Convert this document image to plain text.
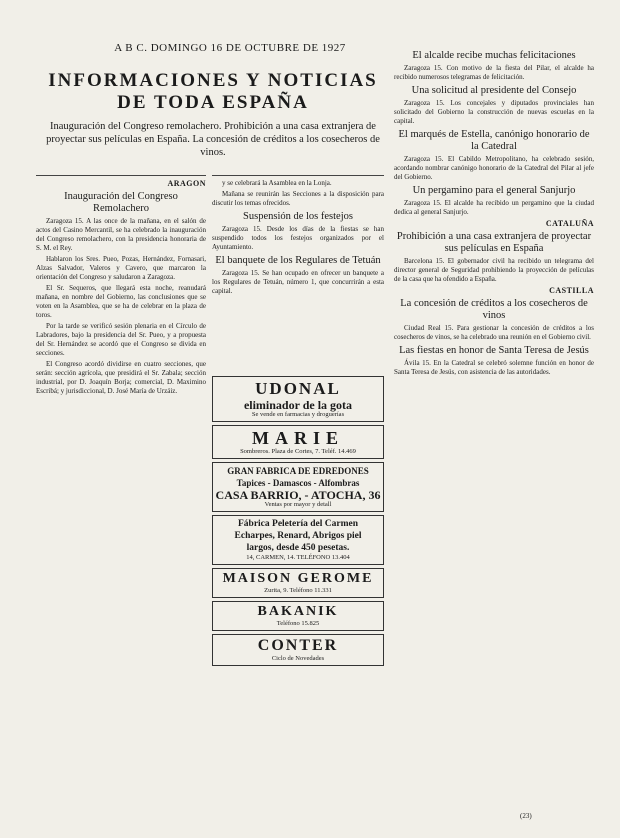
A B C. DOMINGO 16 DE OCTUBRE DE 1927
INFORMACIONES Y NOTICIAS
DE TODA ESPAÑA
Inauguración del Congreso remolachero. Prohibición a una casa extranjera de proyectar sus películas en España. La concesión de créditos a los cosecheros de vinos.
ARAGON
Inauguración del Congreso Remolachero

Zaragoza 15. A las once de la mañana, en el salón de actos del Casino Mercantil, se ha celebrado la inauguración del Congreso remolachero, con la presidencia honoraria de S. M. el Rey.

Hablaron los Sres. Pueo, Pozas, Hernández, Fornasari, Alzas Salvador, Valeros y Cavero, que marcaron la orientación del Congreso y saludaron a Zaragoza.

El Sr. Sequeros, que llegará esta noche, reanudará mañana, en nombre del Gobierno, las conclusiones que se voten en la Asamblea, que se ha de celebrar en la plaza de toros.

Por la tarde se verificó sesión plenaria en el Círculo de Labradores, bajo la presidencia del Sr. Pueo, y a propuesta del Sr. Hernández se acordó que el Congreso se divida en secciones.

El Congreso acordó dividirse en cuatro secciones, que serán: sección agrícola, que presidirá el Sr. Zabala; sección industrial, por D. Joaquín Borja; comercial, D. Maximino Escribá; y jurisdiccional, D. José María de Urzáiz.

y se celebrará la Asamblea en la Lonja.

Mañana se reunirán las Secciones a la disposición para discutir los temas ofrecidos.

Suspensión de los festejos

Zaragoza 15. Desde los días de la fiestas se han suspendido todos los festejos organizados por el Ayuntamiento.

El banquete de los Regulares de Tetuán

Zaragoza 15. Se han ocupado en ofrecer un banquete a los Regulares de Tetuán, número 1, que concurrirán a esta capital.

UDONAL
eliminador de la gota
Se vende en farmacias y droguerías
MARIE
Sombreros. Plaza de Cortes, 7. Teléf. 14.469
GRAN FABRICA DE EDREDONES
Tapices - Damascos - Alfombras
CASA BARRIO, - ATOCHA, 36
Ventas por mayor y detall
Fábrica Peletería del Carmen
Echarpes, Renard, Abrigos piel
largos, desde 450 pesetas.
14, CARMEN, 14. TELÉFONO 13.404
MAISON GEROME
Zurita, 9. Teléfono 11.331
BAKANIK
Teléfono 15.825
CONTER
Ciclo de Novedades
El alcalde recibe muchas felicitaciones

Zaragoza 15. Con motivo de la fiesta del Pilar, el alcalde ha recibido numerosos telegramas de felicitación.

Una solicitud al presidente del Consejo

Zaragoza 15. Los concejales y diputados provinciales han solicitado del Gobierno la construcción de nuevas escuelas en la capital.

El marqués de Estella, canónigo honorario de la Catedral

Zaragoza 15. El Cabildo Metropolitano, ha celebrado sesión, acordando nombrar canónigo honorario de la Catedral del Pilar al jefe del Gobierno.

Un pergamino para el general Sanjurjo

Zaragoza 15. El alcalde ha recibido un pergamino que la ciudad dedica al general Sanjurjo.

CATALUÑA
Prohibición a una casa extranjera de proyectar sus películas en España

Barcelona 15. El gobernador civil ha recibido un telegrama del director general de Seguridad prohibiendo la proyección de películas de la casa que ha ofendido a España.

CASTILLA
La concesión de créditos a los cosecheros de vinos

Ciudad Real 15. Para gestionar la concesión de créditos a los cosecheros de vinos, se ha celebrado una reunión en el Gobierno civil.

Las fiestas en honor de Santa Teresa de Jesús

Ávila 15. En la Catedral se celebró solemne función en honor de Santa Teresa de Jesús, con asistencia de las autoridades.

(23)
